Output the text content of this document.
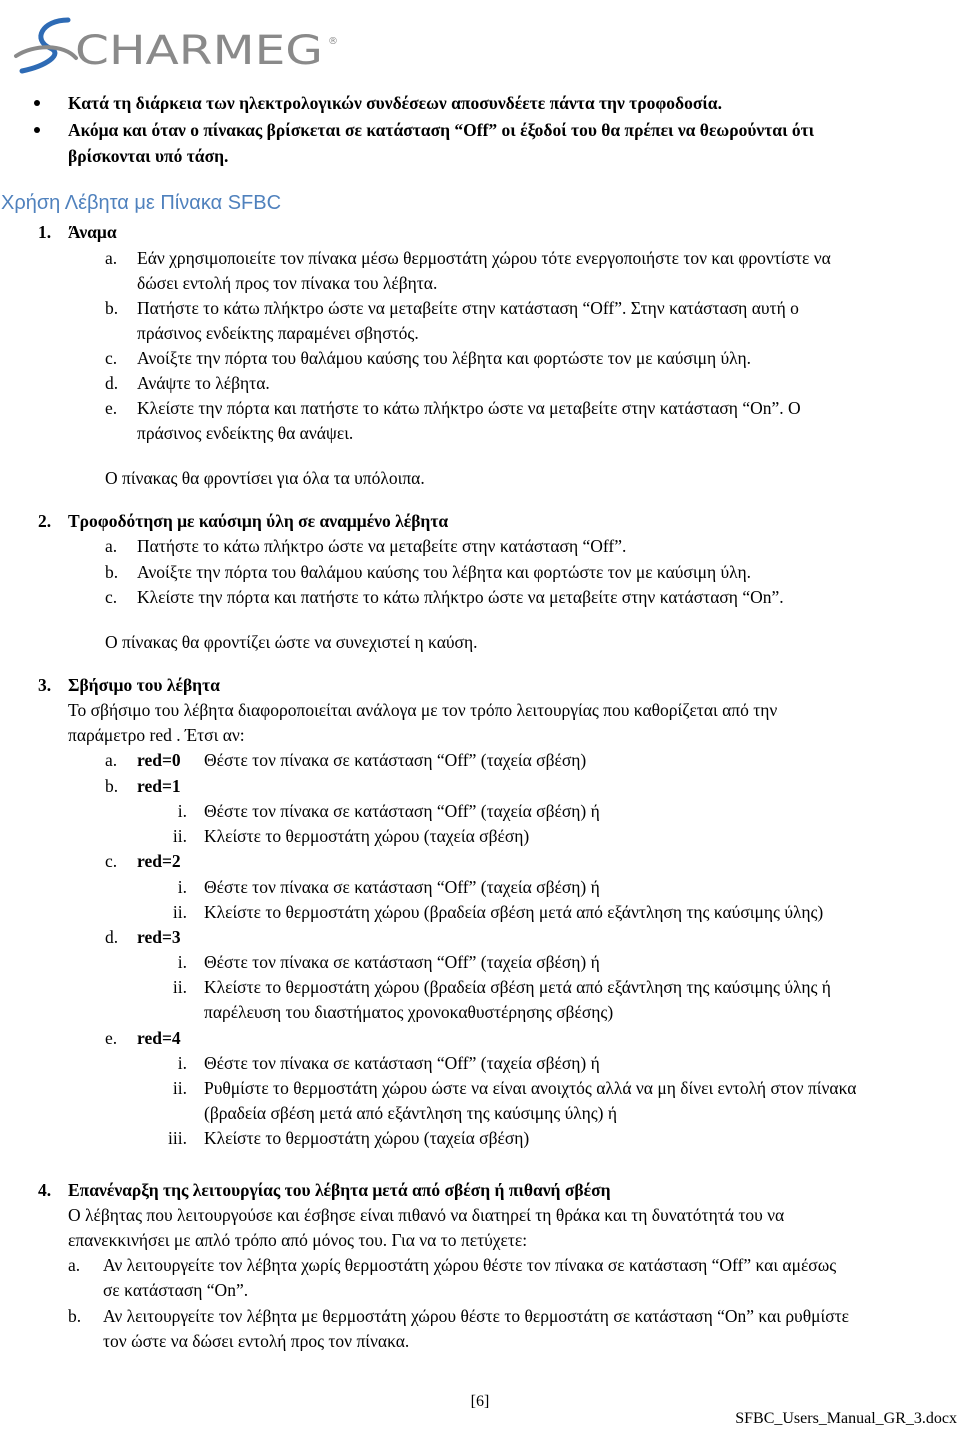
CHARMEG ®
Κατά τη διάρκεια των ηλεκτρολογικών συνδέσεων αποσυνδέετε πάντα την τροφοδοσία.
Ακόμα και όταν ο πίνακας βρίσκεται σε κατάσταση “Off” οι έξοδοί του θα πρέπει να θεωρούνται ότι
βρίσκονται υπό τάση.
Χρήση Λέβητα με Πίνακα SFBC
1. Άναμα
a. Εάν χρησιμοποιείτε τον πίνακα μέσω θερμοστάτη χώρου τότε ενεργοποιήστε τον και φροντίστε να
δώσει εντολή προς τον πίνακα του λέβητα.
b. Πατήστε το κάτω πλήκτρο ώστε να μεταβείτε στην κατάσταση “Off”. Στην κατάσταση αυτή ο
πράσινος ενδείκτης παραμένει σβηστός.
c. Ανοίξτε την πόρτα του θαλάμου καύσης του λέβητα και φορτώστε τον με καύσιμη ύλη.
d. Ανάψτε το λέβητα.
e. Κλείστε την πόρτα και πατήστε το κάτω πλήκτρο ώστε να μεταβείτε στην κατάσταση “On”. Ο
πράσινος ενδείκτης θα ανάψει.
Ο πίνακας θα φροντίσει για όλα τα υπόλοιπα.
2. Τροφοδότηση με καύσιμη ύλη σε αναμμένο λέβητα
a. Πατήστε το κάτω πλήκτρο ώστε να μεταβείτε στην κατάσταση “Off”.
b. Ανοίξτε την πόρτα του θαλάμου καύσης του λέβητα και φορτώστε τον με καύσιμη ύλη.
c. Κλείστε την πόρτα και πατήστε το κάτω πλήκτρο ώστε να μεταβείτε στην κατάσταση “On”.
Ο πίνακας θα φροντίζει ώστε να συνεχιστεί η καύση.
3. Σβήσιμο του λέβητα
Το σβήσιμο του λέβητα διαφοροποιείται ανάλογα με τον τρόπο λειτουργίας που καθορίζεται από την
παράμετρο red . Έτσι αν:
a. red=0 Θέστε τον πίνακα σε κατάσταση “Off” (ταχεία σβέση)
b. red=1
i. Θέστε τον πίνακα σε κατάσταση “Off” (ταχεία σβέση) ή
ii. Κλείστε το θερμοστάτη χώρου (ταχεία σβέση)
c. red=2
i. Θέστε τον πίνακα σε κατάσταση “Off” (ταχεία σβέση) ή
ii. Κλείστε το θερμοστάτη χώρου (βραδεία σβέση μετά από εξάντληση της καύσιμης ύλης)
d. red=3
i. Θέστε τον πίνακα σε κατάσταση “Off” (ταχεία σβέση) ή
ii. Κλείστε το θερμοστάτη χώρου (βραδεία σβέση μετά από εξάντληση της καύσιμης ύλης ή
παρέλευση του διαστήματος χρονοκαθυστέρησης σβέσης)
e. red=4
i. Θέστε τον πίνακα σε κατάσταση “Off” (ταχεία σβέση) ή
ii. Ρυθμίστε το θερμοστάτη χώρου ώστε να είναι ανοιχτός αλλά να μη δίνει εντολή στον πίνακα
(βραδεία σβέση μετά από εξάντληση της καύσιμης ύλης) ή
iii. Κλείστε το θερμοστάτη χώρου (ταχεία σβέση)
4. Επανέναρξη της λειτουργίας του λέβητα μετά από σβέση ή πιθανή σβέση
Ο λέβητας που λειτουργούσε και έσβησε είναι πιθανό να διατηρεί τη θράκα και τη δυνατότητά του να
επανεκκινήσει με απλό τρόπο από μόνος του. Για να το πετύχετε:
a. Αν λειτουργείτε τον λέβητα χωρίς θερμοστάτη χώρου θέστε τον πίνακα σε κατάσταση “Off” και αμέσως
σε κατάσταση “On”.
b. Αν λειτουργείτε τον λέβητα με θερμοστάτη χώρου θέστε το θερμοστάτη σε κατάσταση “On” και ρυθμίστε
τον ώστε να δώσει εντολή προς τον πίνακα.
[6]
SFBC_Users_Manual_GR_3.docx
